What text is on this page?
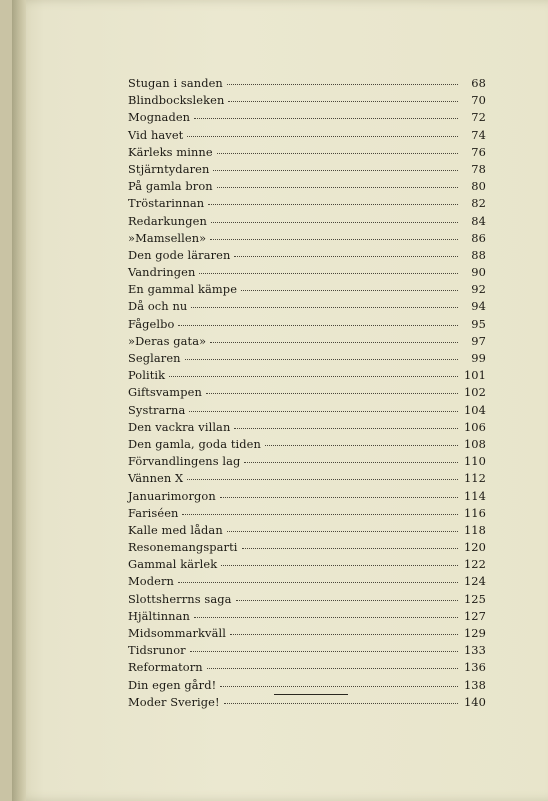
Stugan i sanden	68
Blindbocksleken	70
Mognaden	72
Vid havet	74
Kärleks minne	76
Stjärntydaren	78
På gamla bron	80
Tröstarinnan	82
Redarkungen	84
»Mamsellen»	86
Den gode läraren	88
Vandringen	90
En gammal kämpe	92
Då och nu	94
Fågelbo	95
»Deras gata»	97
Seglaren	99
Politik	101
Giftsvampen	102
Systrarna	104
Den vackra villan	106
Den gamla, goda tiden	108
Förvandlingens lag	110
Vännen X	112
Januarimorgon	114
Fariséen	116
Kalle med lådan	118
Resonemangsparti	120
Gammal kärlek	122
Modern	124
Slottsherrns saga	125
Hjältinnan	127
Midsommarkväll	129
Tidsrunor	133
Reformatorn	136
Din egen gård!	138
Moder Sverige!	140
